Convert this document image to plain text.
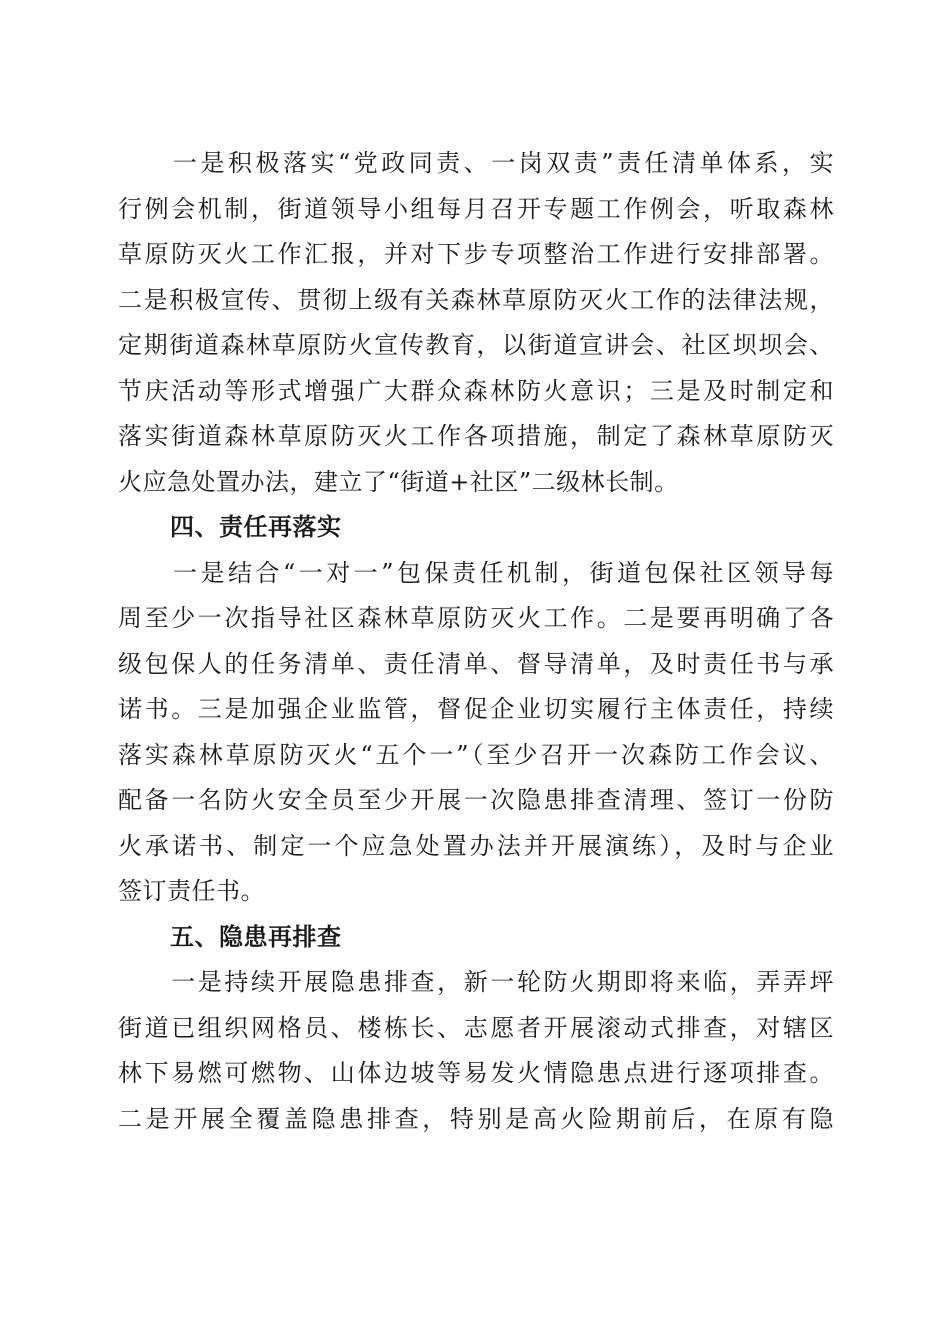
　　一是积极落实“党政同责、一岗双责”责任清单体系，实
行例会机制，街道领导小组每月召开专题工作例会，听取森林
草原防灭火工作汇报，并对下步专项整治工作进行安排部署。
二是积极宣传、贯彻上级有关森林草原防灭火工作的法律法规，
定期街道森林草原防火宣传教育，以街道宣讲会、社区坝坝会、
节庆活动等形式增强广大群众森林防火意识；三是及时制定和
落实街道森林草原防灭火工作各项措施，制定了森林草原防灭
火应急处置办法，建立了“街道+社区”二级林长制。
四、责任再落实
　　一是结合“一对一”包保责任机制，街道包保社区领导每
周至少一次指导社区森林草原防灭火工作。二是要再明确了各
级包保人的任务清单、责任清单、督导清单，及时责任书与承
诺书。三是加强企业监管，督促企业切实履行主体责任，持续
落实森林草原防灭火“五个一”（至少召开一次森防工作会议、
配备一名防火安全员至少开展一次隐患排查清理、签订一份防
火承诺书、制定一个应急处置办法并开展演练），及时与企业
签订责任书。
五、隐患再排查
　　一是持续开展隐患排查，新一轮防火期即将来临，弄弄坪
街道已组织网格员、楼栋长、志愿者开展滚动式排查，对辖区
林下易燃可燃物、山体边坡等易发火情隐患点进行逐项排查。
二是开展全覆盖隐患排查，特别是高火险期前后，在原有隐
